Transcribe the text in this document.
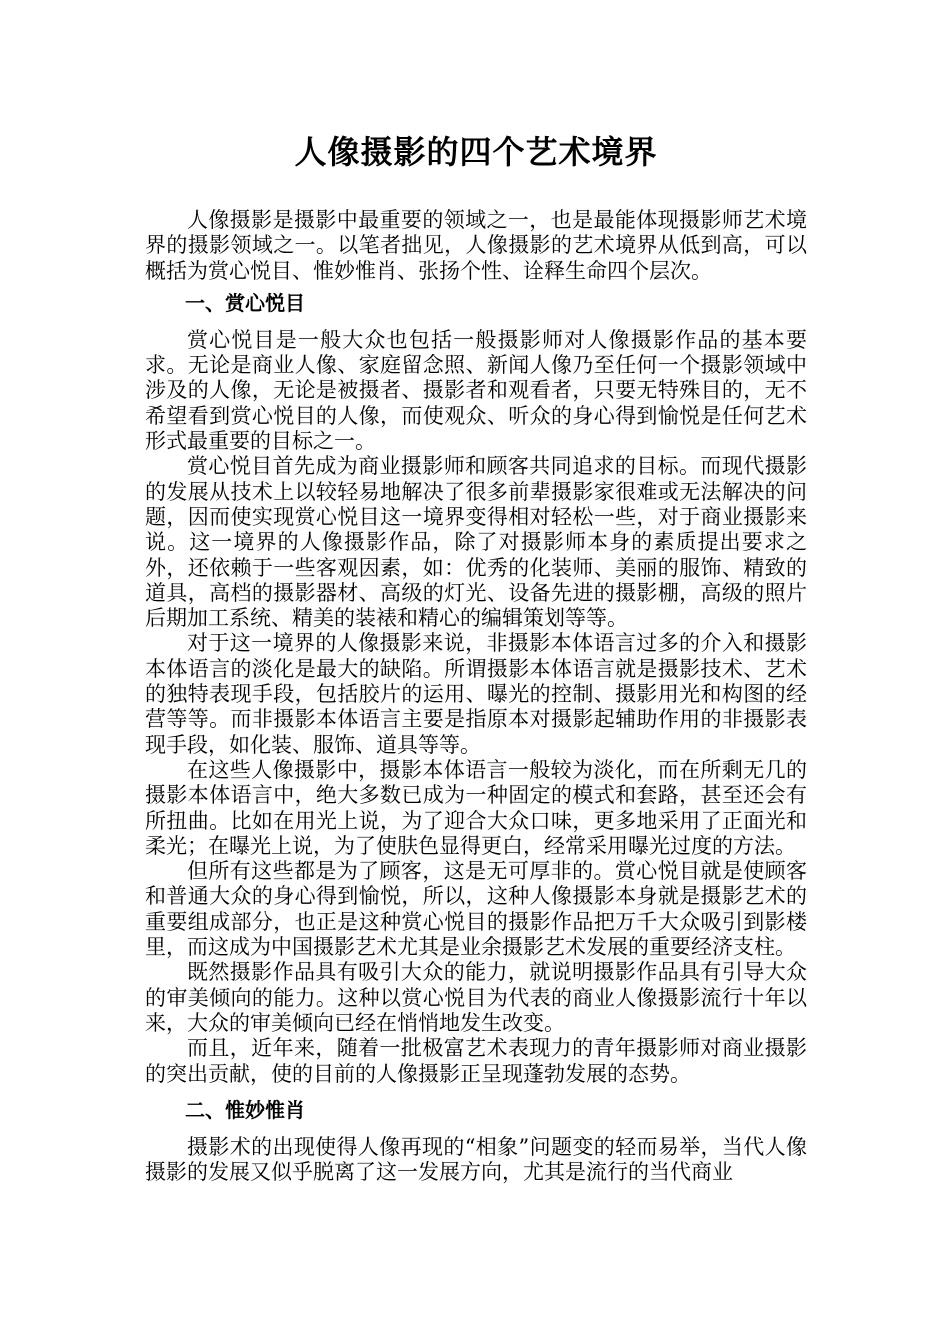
人像摄影的四个艺术境界

人像摄影是摄影中最重要的领域之一，也是最能体现摄影师艺术境界的摄影领域之一。以笔者拙见，人像摄影的艺术境界从低到高，可以概括为赏心悦目、惟妙惟肖、张扬个性、诠释生命四个层次。

一、赏心悦目

赏心悦目是一般大众也包括一般摄影师对人像摄影作品的基本要求。无论是商业人像、家庭留念照、新闻人像乃至任何一个摄影领域中涉及的人像，无论是被摄者、摄影者和观看者，只要无特殊目的，无不希望看到赏心悦目的人像，而使观众、听众的身心得到愉悦是任何艺术形式最重要的目标之一。

赏心悦目首先成为商业摄影师和顾客共同追求的目标。而现代摄影的发展从技术上以较轻易地解决了很多前辈摄影家很难或无法解决的问题，因而使实现赏心悦目这一境界变得相对轻松一些，对于商业摄影来说。这一境界的人像摄影作品，除了对摄影师本身的素质提出要求之外，还依赖于一些客观因素，如：优秀的化装师、美丽的服饰、精致的道具，高档的摄影器材、高级的灯光、设备先进的摄影棚，高级的照片后期加工系统、精美的装裱和精心的编辑策划等等。

对于这一境界的人像摄影来说，非摄影本体语言过多的介入和摄影本体语言的淡化是最大的缺陷。所谓摄影本体语言就是摄影技术、艺术的独特表现手段，包括胶片的运用、曝光的控制、摄影用光和构图的经营等等。而非摄影本体语言主要是指原本对摄影起辅助作用的非摄影表现手段，如化装、服饰、道具等等。

在这些人像摄影中，摄影本体语言一般较为淡化，而在所剩无几的摄影本体语言中，绝大多数已成为一种固定的模式和套路，甚至还会有所扭曲。比如在用光上说，为了迎合大众口味，更多地采用了正面光和柔光；在曝光上说，为了使肤色显得更白，经常采用曝光过度的方法。

但所有这些都是为了顾客，这是无可厚非的。赏心悦目就是使顾客和普通大众的身心得到愉悦，所以，这种人像摄影本身就是摄影艺术的重要组成部分，也正是这种赏心悦目的摄影作品把万千大众吸引到影楼里，而这成为中国摄影艺术尤其是业余摄影艺术发展的重要经济支柱。

既然摄影作品具有吸引大众的能力，就说明摄影作品具有引导大众的审美倾向的能力。这种以赏心悦目为代表的商业人像摄影流行十年以来，大众的审美倾向已经在悄悄地发生改变。

而且，近年来，随着一批极富艺术表现力的青年摄影师对商业摄影的突出贡献，使的目前的人像摄影正呈现蓬勃发展的态势。

二、惟妙惟肖

摄影术的出现使得人像再现的“相象”问题变的轻而易举，当代人像摄影的发展又似乎脱离了这一发展方向，尤其是流行的当代商业
